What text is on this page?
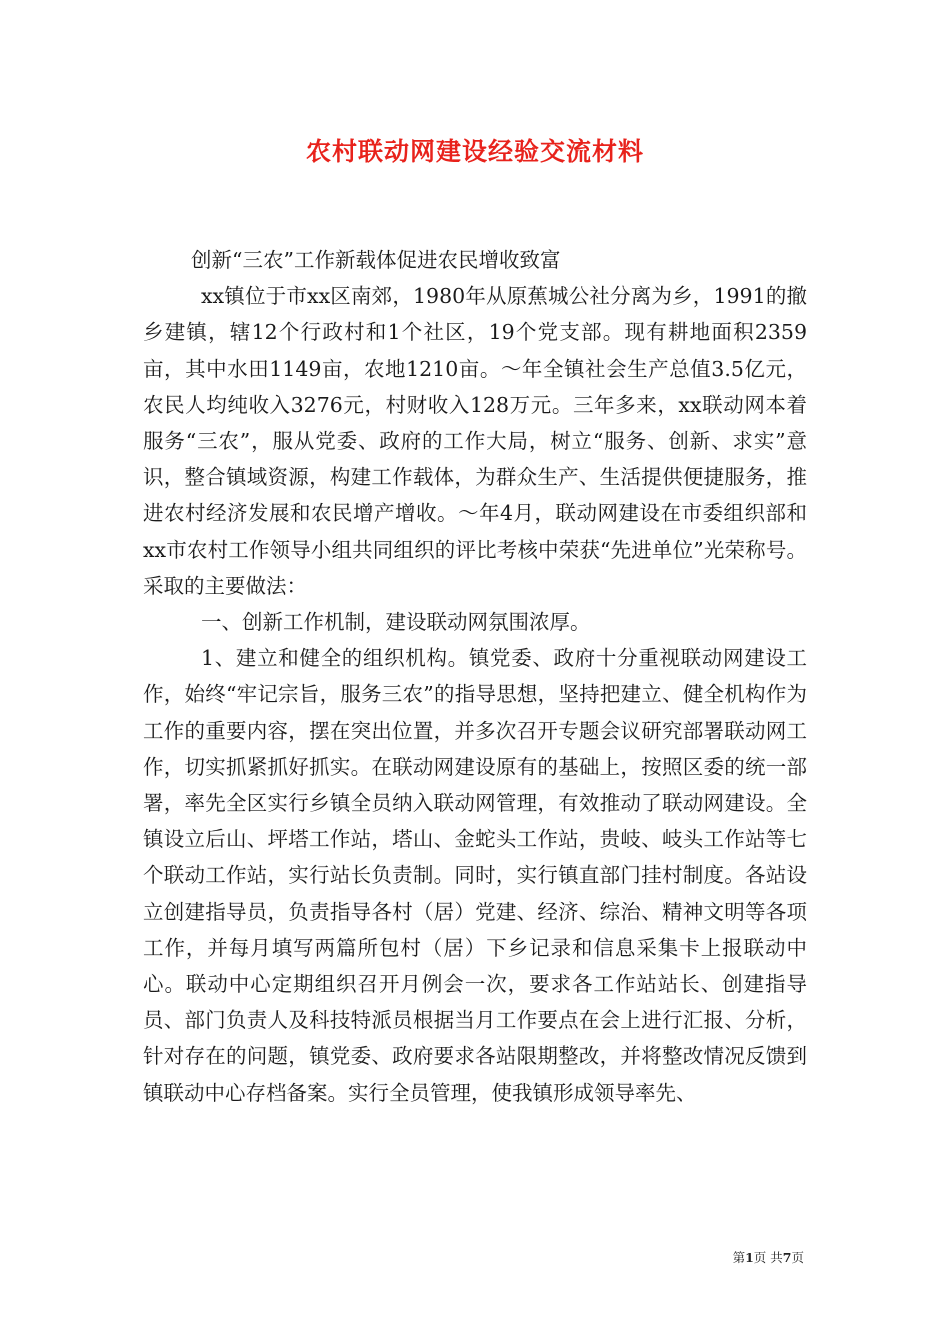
农村联动网建设经验交流材料

创新“三农”工作新载体促进农民增收致富

xx镇位于市xx区南郊，1980年从原蕉城公社分离为乡，1991的撤乡建镇，辖12个行政村和1个社区，19个党支部。现有耕地面积2359亩，其中水田1149亩，农地1210亩。～年全镇社会生产总值3.5亿元，农民人均纯收入3276元，村财收入128万元。三年多来，xx联动网本着服务“三农”，服从党委、政府的工作大局，树立“服务、创新、求实”意识，整合镇域资源，构建工作载体，为群众生产、生活提供便捷服务，推进农村经济发展和农民增产增收。～年4月，联动网建设在市委组织部和xx市农村工作领导小组共同组织的评比考核中荣获“先进单位”光荣称号。采取的主要做法：

一、创新工作机制，建设联动网氛围浓厚。

1、建立和健全的组织机构。镇党委、政府十分重视联动网建设工作，始终“牢记宗旨，服务三农”的指导思想，坚持把建立、健全机构作为工作的重要内容，摆在突出位置，并多次召开专题会议研究部署联动网工作，切实抓紧抓好抓实。在联动网建设原有的基础上，按照区委的统一部署，率先全区实行乡镇全员纳入联动网管理，有效推动了联动网建设。全镇设立后山、坪塔工作站，塔山、金蛇头工作站，贵岐、岐头工作站等七个联动工作站，实行站长负责制。同时，实行镇直部门挂村制度。各站设立创建指导员，负责指导各村（居）党建、经济、综治、精神文明等各项工作，并每月填写两篇所包村（居）下乡记录和信息采集卡上报联动中心。联动中心定期组织召开月例会一次，要求各工作站站长、创建指导员、部门负责人及科技特派员根据当月工作要点在会上进行汇报、分析，针对存在的问题，镇党委、政府要求各站限期整改，并将整改情况反馈到镇联动中心存档备案。实行全员管理，使我镇形成领导率先、

第1页 共7页
